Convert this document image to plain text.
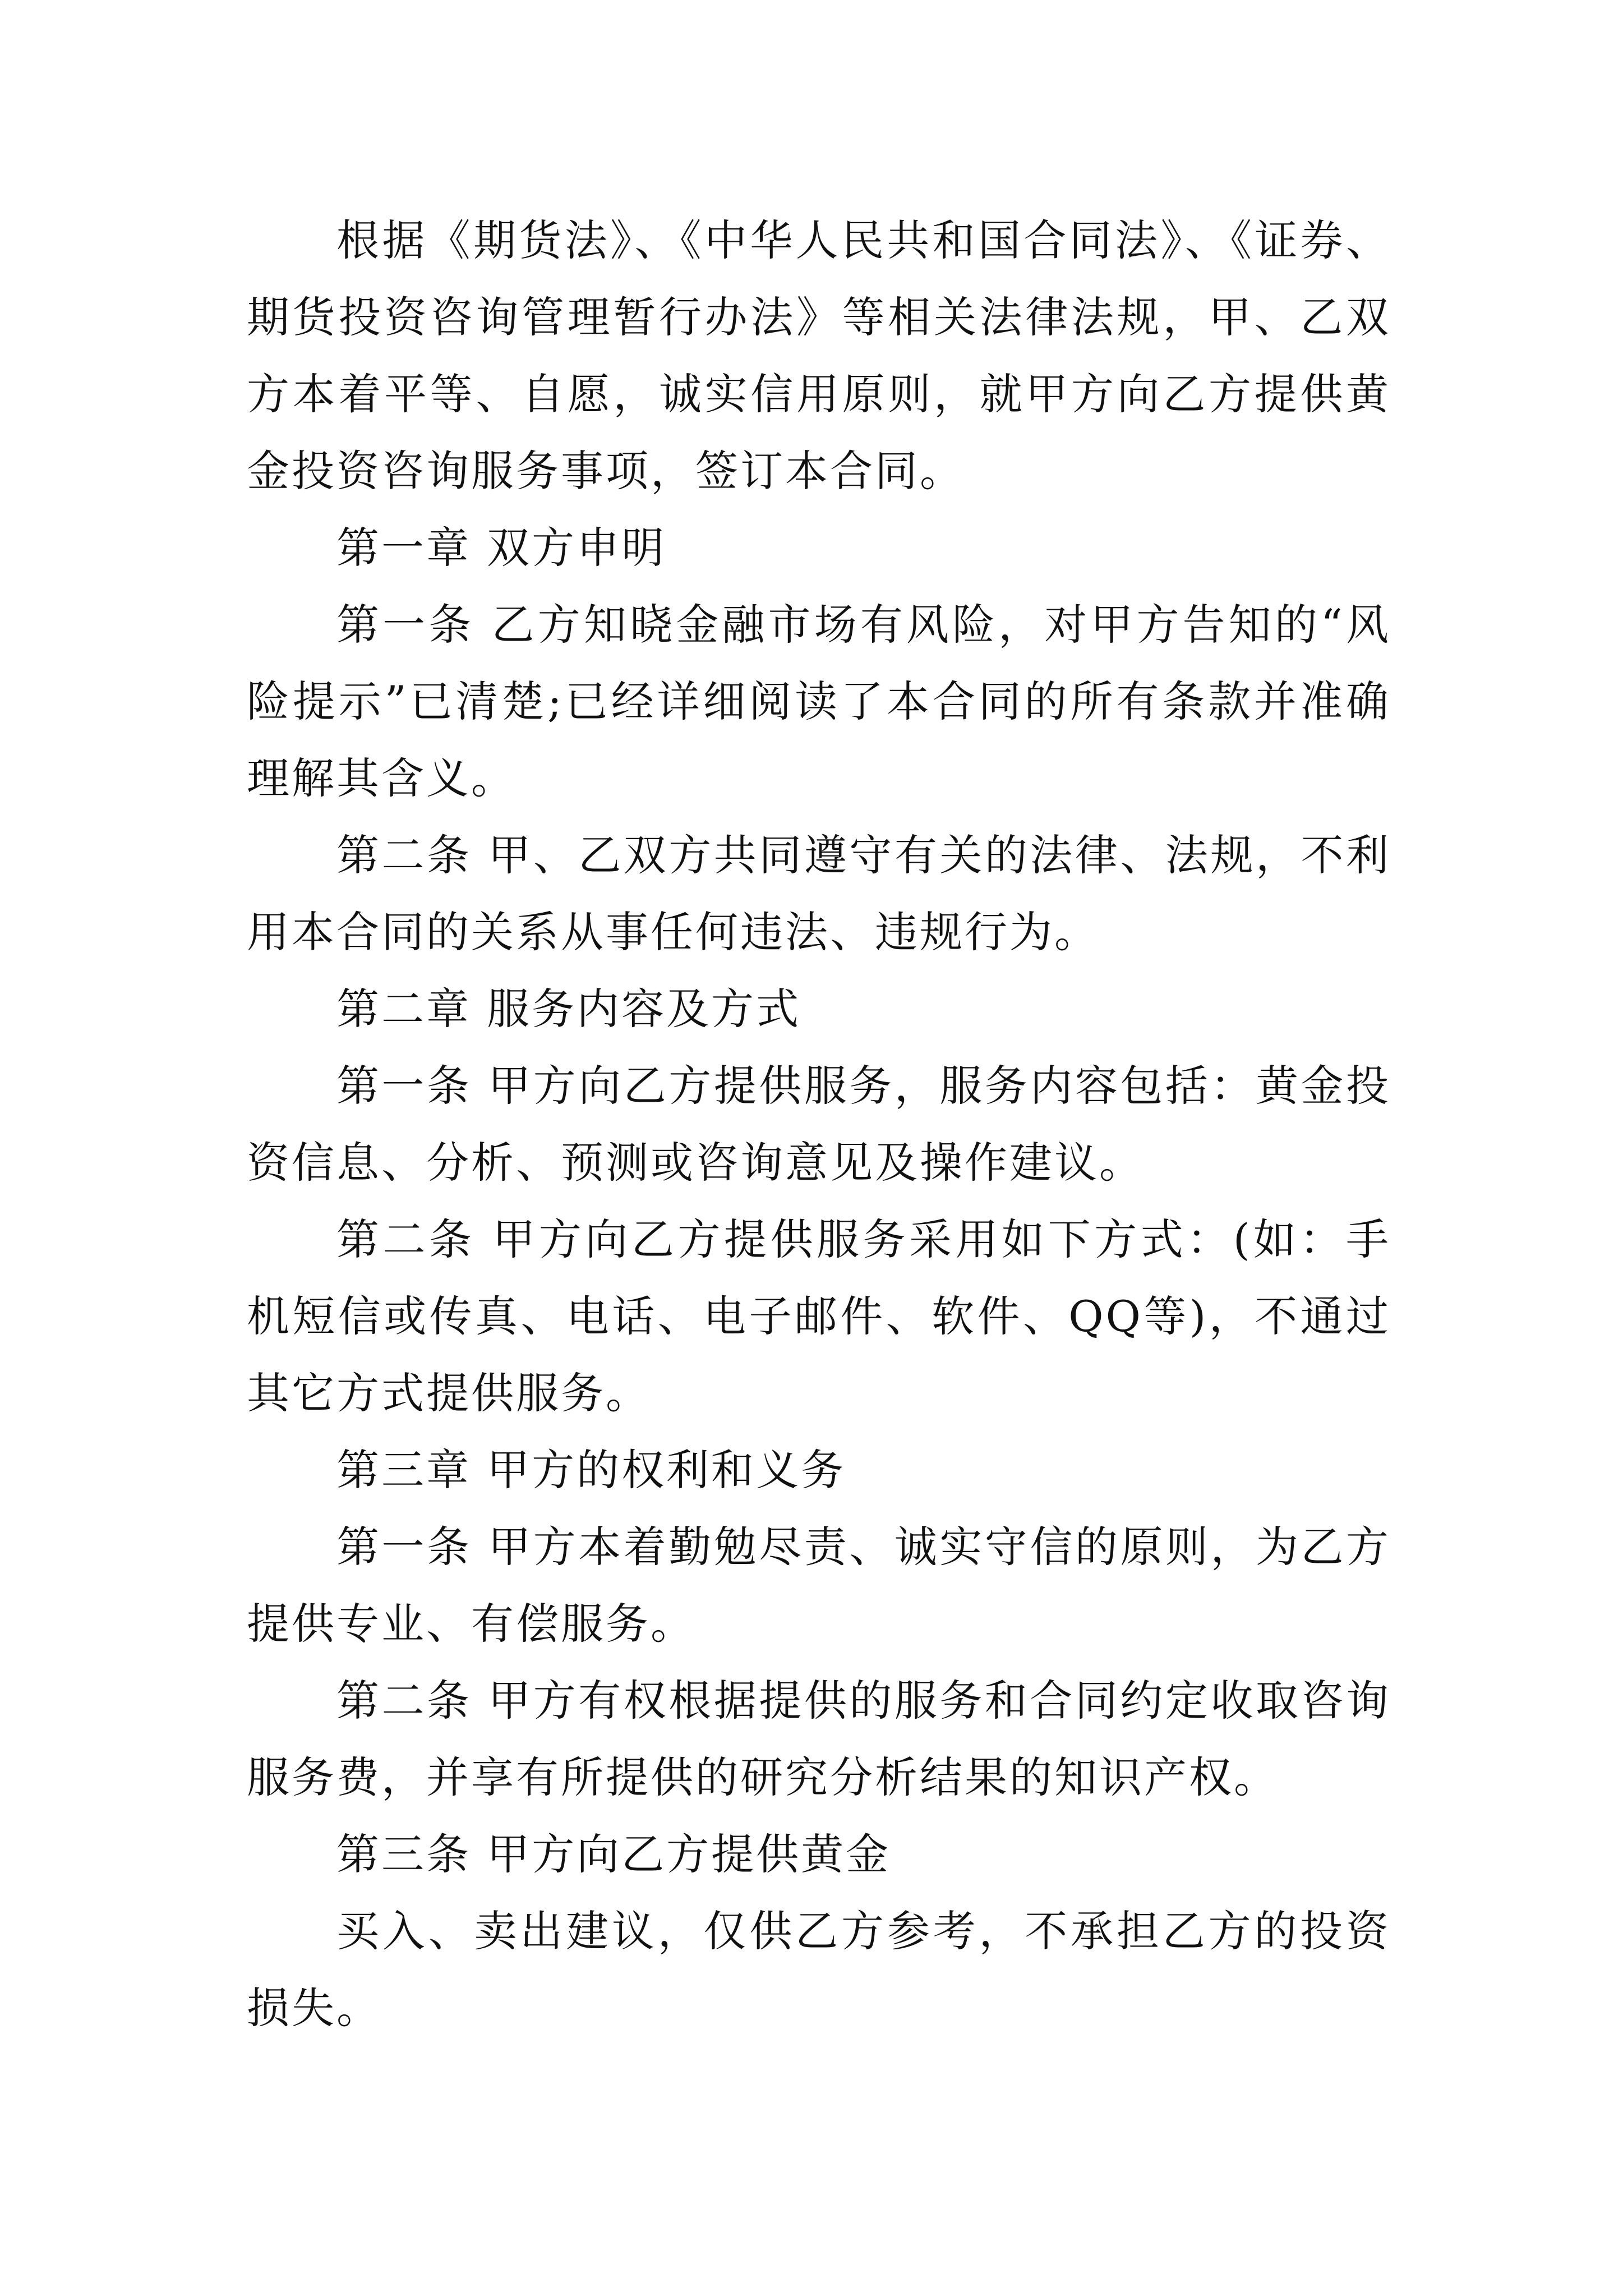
根据《期货法》、《中华人民共和国合同法》、《证券、期货投资咨询管理暂行办法》等相关法律法规，甲、乙双方本着平等、自愿，诚实信用原则，就甲方向乙方提供黄金投资咨询服务事项，签订本合同。

第一章 双方申明

第一条 乙方知晓金融市场有风险，对甲方告知的“风险提示”已清楚;已经详细阅读了本合同的所有条款并准确理解其含义。

第二条 甲、乙双方共同遵守有关的法律、法规，不利用本合同的关系从事任何违法、违规行为。

第二章 服务内容及方式

第一条 甲方向乙方提供服务，服务内容包括：黄金投资信息、分析、预测或咨询意见及操作建议。

第二条 甲方向乙方提供服务采用如下方式：(如：手机短信或传真、电话、电子邮件、软件、QQ等)，不通过其它方式提供服务。

第三章 甲方的权利和义务

第一条 甲方本着勤勉尽责、诚实守信的原则，为乙方提供专业、有偿服务。

第二条 甲方有权根据提供的服务和合同约定收取咨询服务费，并享有所提供的研究分析结果的知识产权。

第三条 甲方向乙方提供黄金

买入、卖出建议，仅供乙方参考，不承担乙方的投资损失。
